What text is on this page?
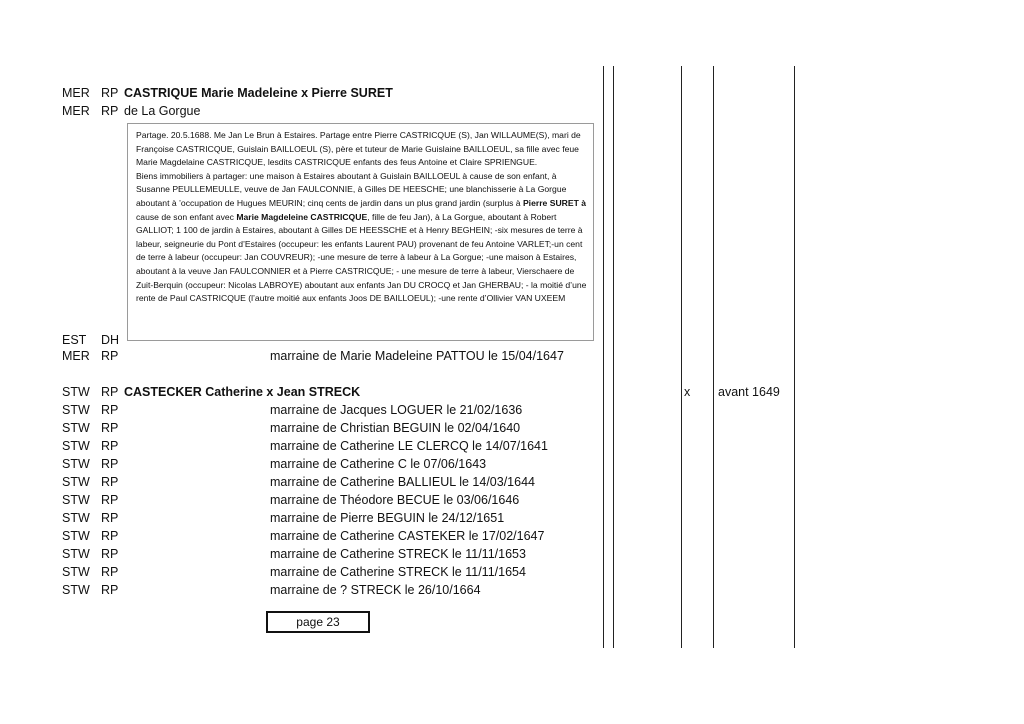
MER RP CASTRIQUE Marie Madeleine x Pierre SURET
MER RP de La Gorgue
Partage. 20.5.1688. Me Jan Le Brun à Estaires. Partage entre Pierre CASTRICQUE (S), Jan WILLAUME(S), mari de Françoise CASTRICQUE, Guislain BAILLOEUL (S), père et tuteur de Marie Guislaine BAILLOEUL, sa fille avec feue Marie Magdelaine CASTRICQUE, lesdits CASTRICQUE enfants des feus Antoine et Claire SPRIENGUE.
Biens immobiliers à partager: une maison à Estaires aboutant à Guislain BAILLOEUL à cause de son enfant, à Susanne PEULLEMEULLE, veuve de Jan FAULCONNIE, à Gilles DE HEESCHE; une blanchisserie à La Gorgue aboutant à ’occupation de Hugues MEURIN; cinq cents de jardin dans un plus grand jardin (surplus à Pierre SURET à cause de son enfant avec Marie Magdeleine CASTRICQUE, fille de feu Jan), à La Gorgue, aboutant à Robert GALLIOT; 1 100 de jardin à Estaires, aboutant à Gilles DE HEESSCHE et à Henry BEGHEIN; -six mesures de terre à labeur, seigneurie du Pont d’Estaires (occupeur: les enfants Laurent PAU) provenant de feu Antoine VARLET;-un cent de terre à labeur (occupeur: Jan COUVREUR); -une mesure de terre à labeur à La Gorgue; -une maison à Estaires, aboutant à la veuve Jan FAULCONNIER et à Pierre CASTRICQUE; - une mesure de terre à labeur, Vierschaere de Zuit-Berquin (occupeur: Nicolas LABROYE) aboutant aux enfants Jan DU CROCQ et Jan GHERBAU; - la moitié d’une rente de Paul CASTRICQUE (l’autre moitié aux enfants Joos DE BAILLOEUL); -une rente d’Ollivier VAN UXEEM
EST DH
MER RP	marraine de Marie Madeleine PATTOU le 15/04/1647
STW RP CASTECKER Catherine x Jean STRECK	x avant 1649
STW RP	marraine de Jacques LOGUER le 21/02/1636
STW RP	marraine de Christian BEGUIN le 02/04/1640
STW RP	marraine de Catherine LE CLERCQ le 14/07/1641
STW RP	marraine de Catherine C le 07/06/1643
STW RP	marraine de Catherine BALLIEUL le 14/03/1644
STW RP	marraine de Théodore BECUE le 03/06/1646
STW RP	marraine de Pierre BEGUIN le 24/12/1651
STW RP	marraine de Catherine CASTEKER le 17/02/1647
STW RP	marraine de Catherine STRECK le 11/11/1653
STW RP	marraine de Catherine STRECK le 11/11/1654
STW RP	marraine de ? STRECK le 26/10/1664
page 23
